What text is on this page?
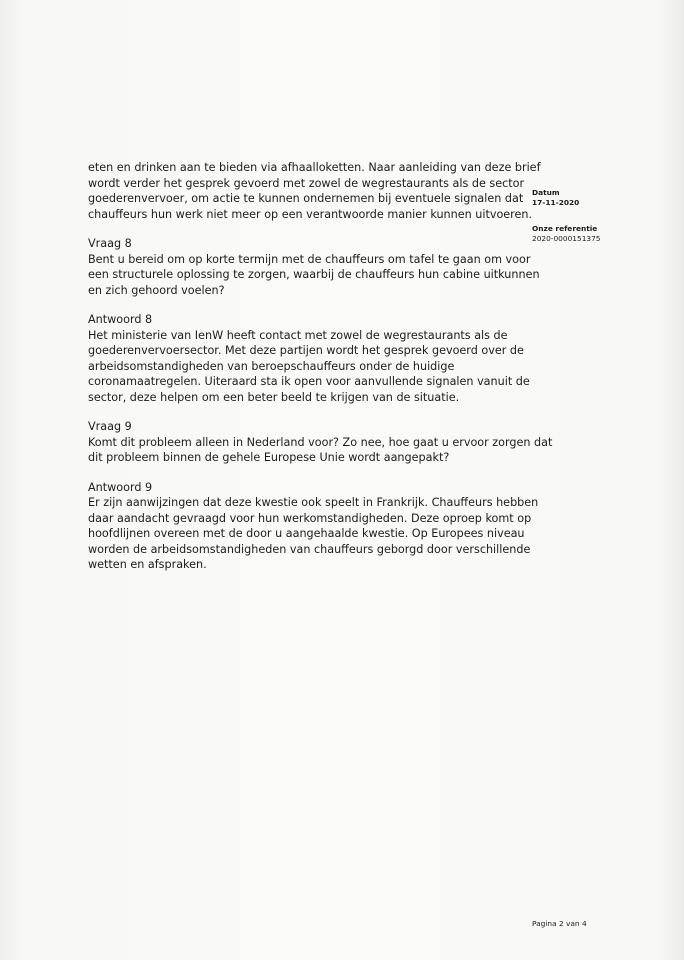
eten en drinken aan te bieden via afhaalloketten. Naar aanleiding van deze brief
wordt verder het gesprek gevoerd met zowel de wegrestaurants als de sector
goederenvervoer, om actie te kunnen ondernemen bij eventuele signalen dat
chauffeurs hun werk niet meer op een verantwoorde manier kunnen uitvoeren.
Vraag 8
Bent u bereid om op korte termijn met de chauffeurs om tafel te gaan om voor
een structurele oplossing te zorgen, waarbij de chauffeurs hun cabine uitkunnen
en zich gehoord voelen?
Antwoord 8
Het ministerie van IenW heeft contact met zowel de wegrestaurants als de
goederenvervoersector. Met deze partijen wordt het gesprek gevoerd over de
arbeidsomstandigheden van beroepschauffeurs onder de huidige
coronamaatregelen. Uiteraard sta ik open voor aanvullende signalen vanuit de
sector, deze helpen om een beter beeld te krijgen van de situatie.
Vraag 9
Komt dit probleem alleen in Nederland voor? Zo nee, hoe gaat u ervoor zorgen dat
dit probleem binnen de gehele Europese Unie wordt aangepakt?
Antwoord 9
Er zijn aanwijzingen dat deze kwestie ook speelt in Frankrijk. Chauffeurs hebben
daar aandacht gevraagd voor hun werkomstandigheden. Deze oproep komt op
hoofdlijnen overeen met de door u aangehaalde kwestie. Op Europees niveau
worden de arbeidsomstandigheden van chauffeurs geborgd door verschillende
wetten en afspraken.
Datum
17-11-2020
Onze referentie
2020-0000151375
Pagina 2 van 4
